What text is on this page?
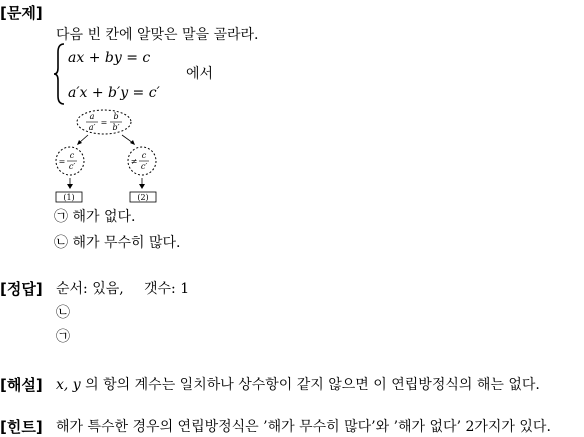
[문제]
다음 빈 칸에 알맞은 말을 골라라.
ax + by = c
a′x + b′y = c′
에서
a
a′
=
b
b′
=
c
c′
≠
c
c′
(1)	(2)
㉠ 해가 없다.
㉡ 해가 무수히 많다.
[정답] 순서: 있음, 갯수: 1
㉡
㉠
[해설] x, y 의 항의 계수는 일치하나 상수항이 같지 않으면 이 연립방정식의 해는 없다.
[힌트] 해가 특수한 경우의 연립방정식은 ’해가 무수히 많다’와 ’해가 없다’ 2가지가 있다.
